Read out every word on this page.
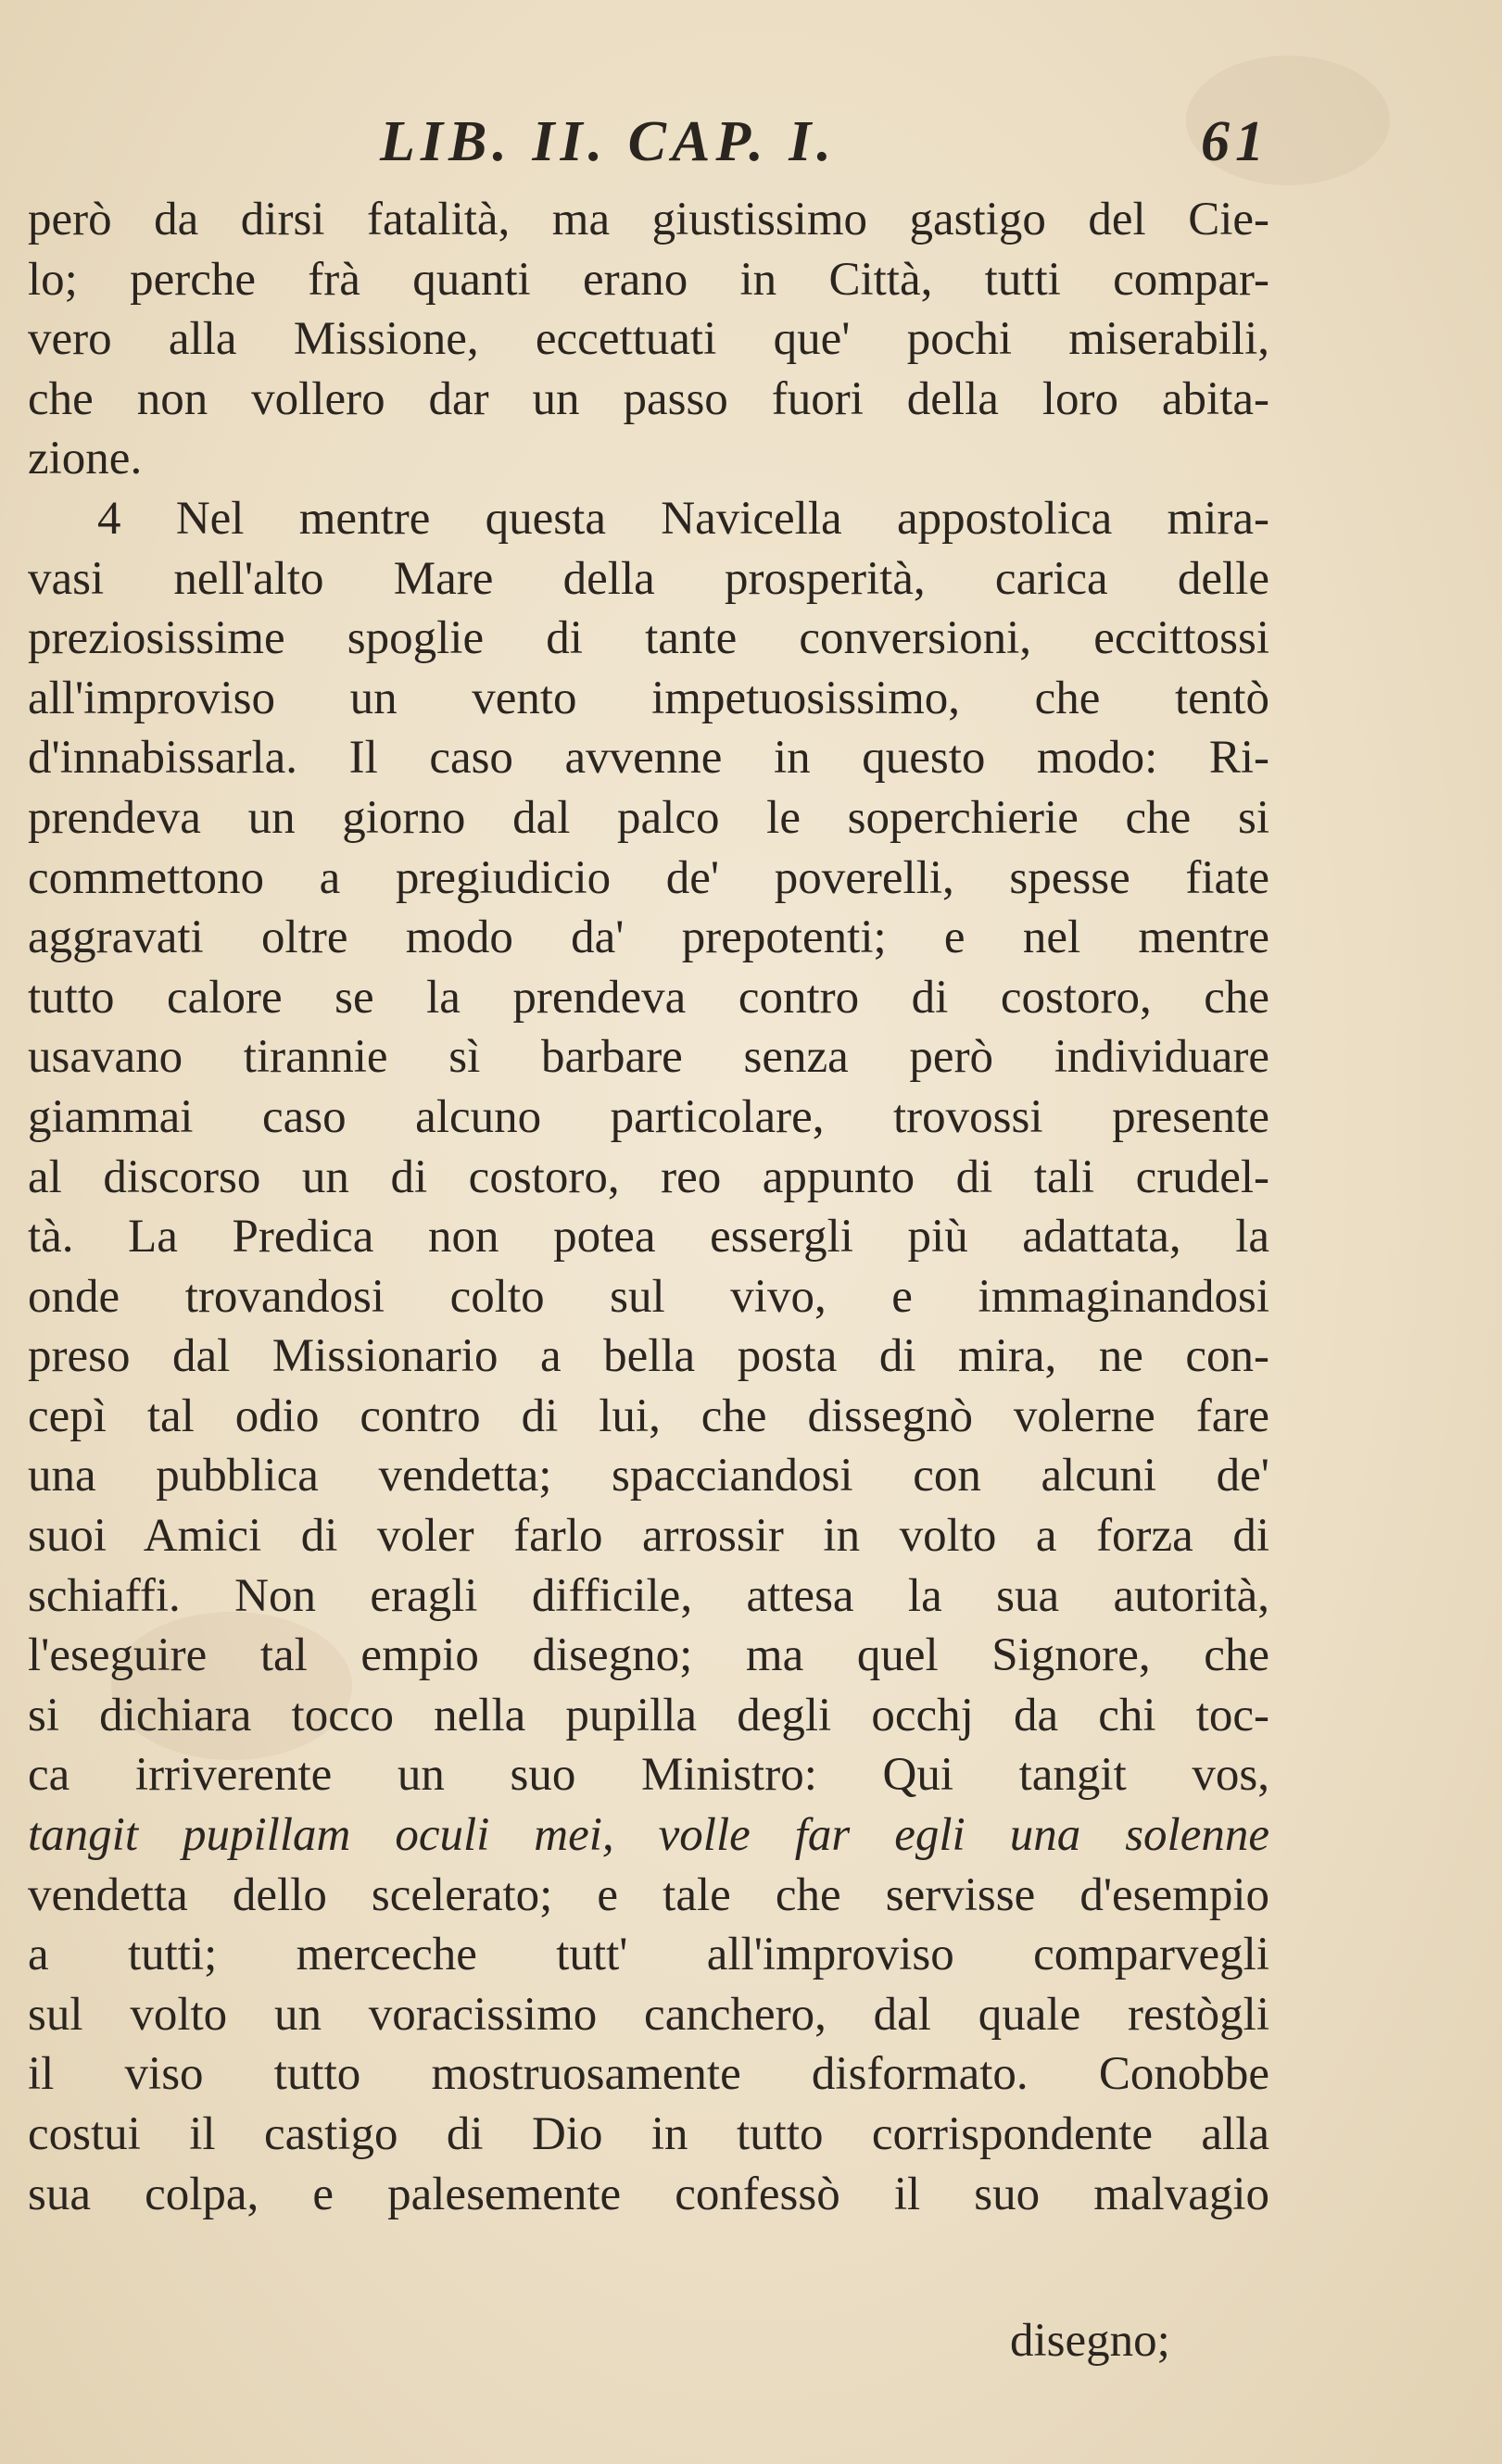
LIB. II. CAP. I.	61
però da dirsi fatalità, ma giustissimo gastigo del Cie-
lo; perche frà quanti erano in Città, tutti compar-
vero alla Missione, eccettuati que' pochi miserabili,
che non vollero dar un passo fuori della loro abita-
zione.
4 Nel mentre questa Navicella appostolica mira-
vasi nell'alto Mare della prosperità, carica delle
preziosissime spoglie di tante conversioni, eccittossi
all'improviso un vento impetuosissimo, che tentò
d'innabissarla. Il caso avvenne in questo modo: Ri-
prendeva un giorno dal palco le soperchierie che si
commettono a pregiudicio de' poverelli, spesse fiate
aggravati oltre modo da' prepotenti; e nel mentre
tutto calore se la prendeva contro di costoro, che
usavano tirannie sì barbare senza però individuare
giammai caso alcuno particolare, trovossi presente
al discorso un di costoro, reo appunto di tali crudel-
tà. La Predica non potea essergli più adattata, la
onde trovandosi colto sul vivo, e immaginandosi
preso dal Missionario a bella posta di mira, ne con-
cepì tal odio contro di lui, che dissegnò volerne fare
una pubblica vendetta; spacciandosi con alcuni de'
suoi Amici di voler farlo arrossir in volto a forza di
schiaffi. Non eragli difficile, attesa la sua autorità,
l'eseguire tal empio disegno; ma quel Signore, che
si dichiara tocco nella pupilla degli occhj da chi toc-
ca irriverente un suo Ministro: Qui tangit vos,
tangit pupillam oculi mei, volle far egli una solenne
vendetta dello scelerato; e tale che servisse d'esempio
a tutti; merceche tutt' all'improviso comparvegli
sul volto un voracissimo canchero, dal quale restògli
il viso tutto mostruosamente disformato. Conobbe
costui il castigo di Dio in tutto corrispondente alla
sua colpa, e palesemente confessò il suo malvagio
disegno;
